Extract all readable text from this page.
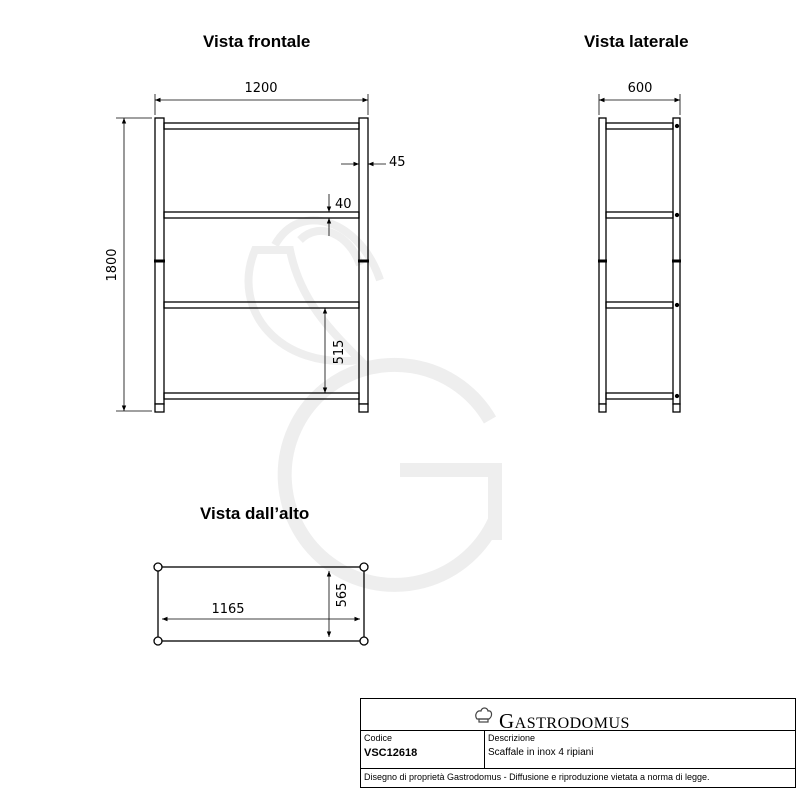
Vista frontale	Vista laterale
Vista dall’alto
1200
1800
45
40
515
600
1165
565
GASTRODOMUS
Codice
VSC12618
Descrizione
Scaffale in inox 4 ripiani
Disegno di proprietà Gastrodomus - Diffusione e riproduzione vietata a norma di legge.
